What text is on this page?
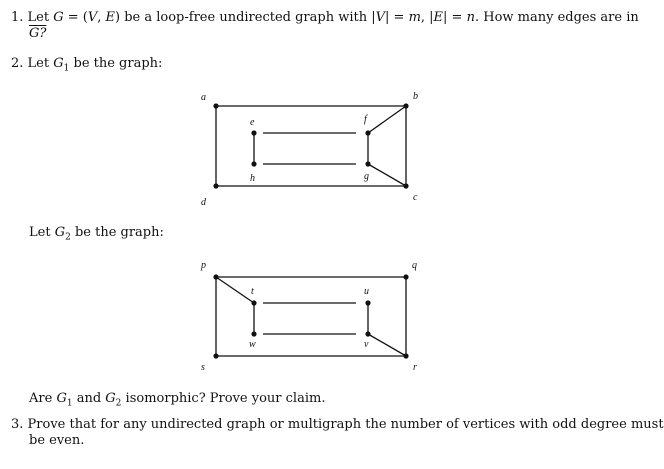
1. Let G = (V, E) be a loop-free undirected graph with |V| = m, |E| = n. How many edges are in
G?
2. Let $G_1$ be the graph:
a	b
c
d
e	f
g
h
p	q
r
s
t	u
v
w
Let $G_2$ be the graph:
Are $G_1$ and $G_2$ isomorphic? Prove your claim.
3. Prove that for any undirected graph or multigraph the number of vertices with odd degree must
be even.
